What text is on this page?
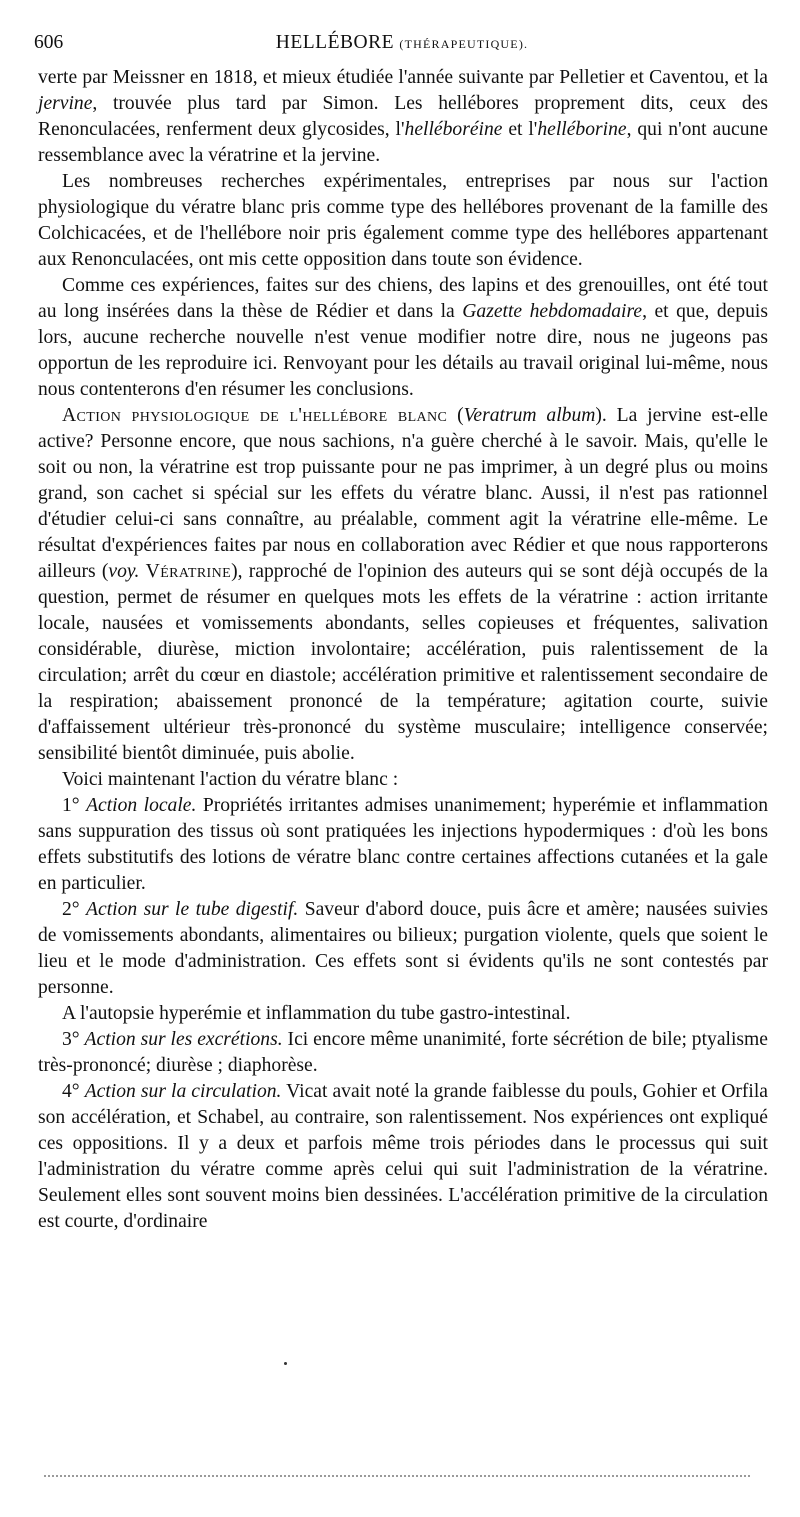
606	HELLÉBORE (THÉRAPEUTIQUE).

verte par Meissner en 1818, et mieux étudiée l'année suivante par Pelletier et Caventou, et la jervine, trouvée plus tard par Simon. Les hellébores proprement dits, ceux des Renonculacées, renferment deux glycosides, l'helléboréine et l'helléborine, qui n'ont aucune ressemblance avec la vératrine et la jervine.

Les nombreuses recherches expérimentales, entreprises par nous sur l'action physiologique du vératre blanc pris comme type des hellébores provenant de la famille des Colchicacées, et de l'hellébore noir pris également comme type des hellébores appartenant aux Renonculacées, ont mis cette opposition dans toute son évidence.

Comme ces expériences, faites sur des chiens, des lapins et des grenouilles, ont été tout au long insérées dans la thèse de Rédier et dans la Gazette hebdomadaire, et que, depuis lors, aucune recherche nouvelle n'est venue modifier notre dire, nous ne jugeons pas opportun de les reproduire ici. Renvoyant pour les détails au travail original lui-même, nous nous contenterons d'en résumer les conclusions.

Action physiologique de l'hellébore blanc (Veratrum album). La jervine est-elle active? Personne encore, que nous sachions, n'a guère cherché à le savoir. Mais, qu'elle le soit ou non, la vératrine est trop puissante pour ne pas imprimer, à un degré plus ou moins grand, son cachet si spécial sur les effets du vératre blanc. Aussi, il n'est pas rationnel d'étudier celui-ci sans connaître, au préalable, comment agit la vératrine elle-même. Le résultat d'expériences faites par nous en collaboration avec Rédier et que nous rapporterons ailleurs (voy. Vératrine), rapproché de l'opinion des auteurs qui se sont déjà occupés de la question, permet de résumer en quelques mots les effets de la vératrine : action irritante locale, nausées et vomissements abondants, selles copieuses et fréquentes, salivation considérable, diurèse, miction involontaire; accélération, puis ralentissement de la circulation; arrêt du cœur en diastole; accélération primitive et ralentissement secondaire de la respiration; abaissement prononcé de la température; agitation courte, suivie d'affaissement ultérieur très-prononcé du système musculaire; intelligence conservée; sensibilité bientôt diminuée, puis abolie.

Voici maintenant l'action du vératre blanc :

1° Action locale. Propriétés irritantes admises unanimement; hyperémie et inflammation sans suppuration des tissus où sont pratiquées les injections hypodermiques : d'où les bons effets substitutifs des lotions de vératre blanc contre certaines affections cutanées et la gale en particulier.

2° Action sur le tube digestif. Saveur d'abord douce, puis âcre et amère; nausées suivies de vomissements abondants, alimentaires ou bilieux; purgation violente, quels que soient le lieu et le mode d'administration. Ces effets sont si évidents qu'ils ne sont contestés par personne.

A l'autopsie hyperémie et inflammation du tube gastro-intestinal.

3° Action sur les excrétions. Ici encore même unanimité, forte sécrétion de bile; ptyalisme très-prononcé; diurèse ; diaphorèse.

4° Action sur la circulation. Vicat avait noté la grande faiblesse du pouls, Gohier et Orfila son accélération, et Schabel, au contraire, son ralentissement. Nos expériences ont expliqué ces oppositions. Il y a deux et parfois même trois périodes dans le processus qui suit l'administration du vératre comme après celui qui suit l'administration de la vératrine. Seulement elles sont souvent moins bien dessinées. L'accélération primitive de la circulation est courte, d'ordinaire
